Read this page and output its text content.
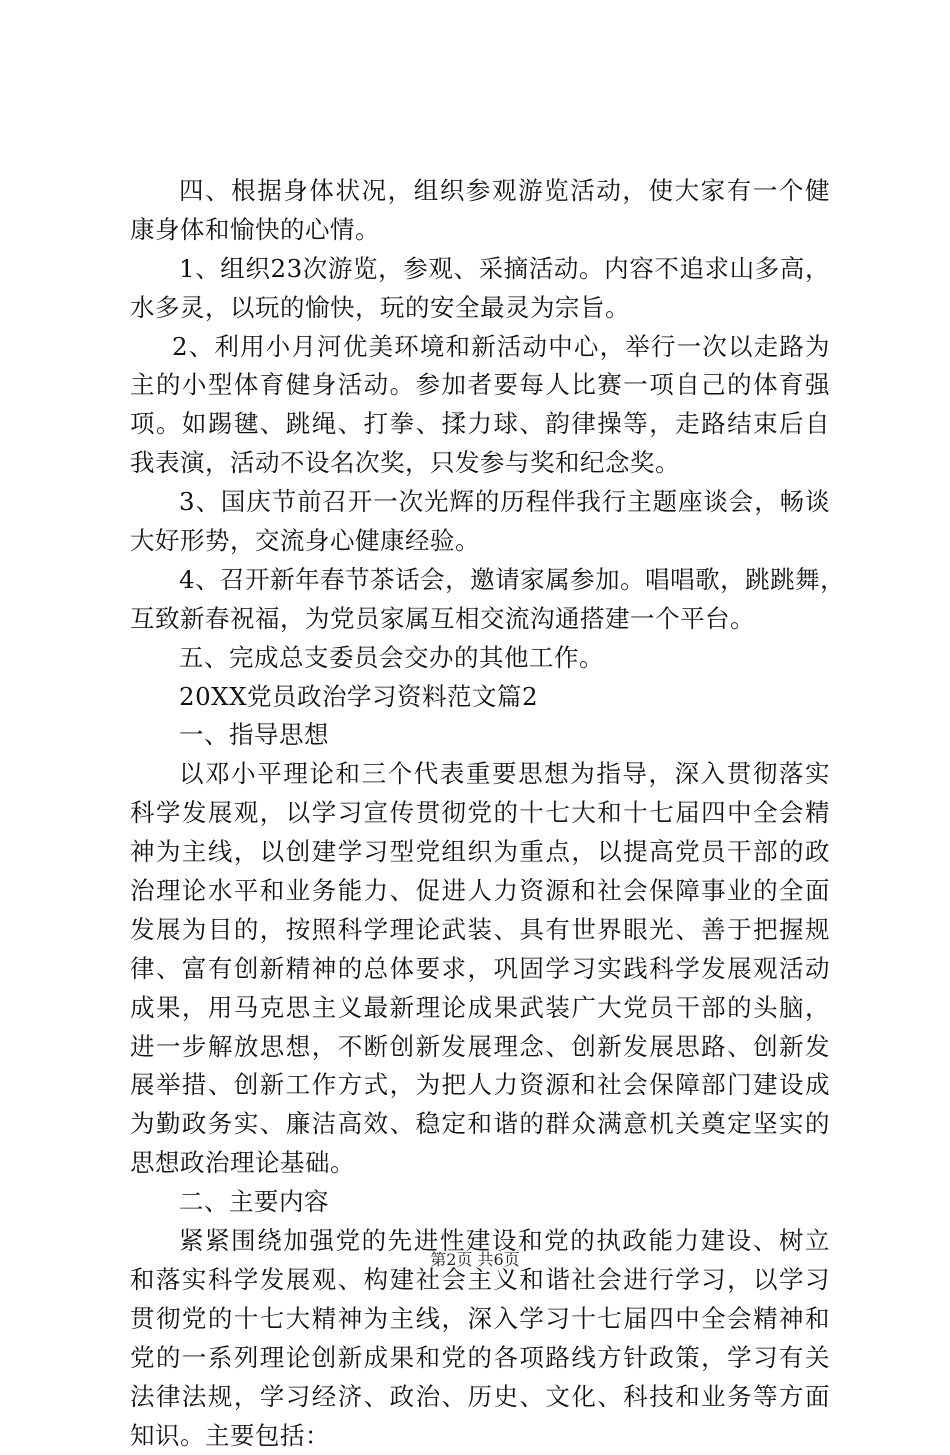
四、根据身体状况，组织参观游览活动，使大家有一个健
康身体和愉快的心情。
1、组织23次游览，参观、采摘活动。内容不追求山多高，
水多灵，以玩的愉快，玩的安全最灵为宗旨。
2、利用小月河优美环境和新活动中心，举行一次以走路为
主的小型体育健身活动。参加者要每人比赛一项自己的体育强
项。如踢毽、跳绳、打拳、揉力球、韵律操等，走路结束后自
我表演，活动不设名次奖，只发参与奖和纪念奖。
3、国庆节前召开一次光辉的历程伴我行主题座谈会，畅谈
大好形势，交流身心健康经验。
4、召开新年春节茶话会，邀请家属参加。唱唱歌，跳跳舞，
互致新春祝福，为党员家属互相交流沟通搭建一个平台。
五、完成总支委员会交办的其他工作。
20XX党员政治学习资料范文篇2
一、指导思想
以邓小平理论和三个代表重要思想为指导，深入贯彻落实
科学发展观，以学习宣传贯彻党的十七大和十七届四中全会精
神为主线，以创建学习型党组织为重点，以提高党员干部的政
治理论水平和业务能力、促进人力资源和社会保障事业的全面
发展为目的，按照科学理论武装、具有世界眼光、善于把握规
律、富有创新精神的总体要求，巩固学习实践科学发展观活动
成果，用马克思主义最新理论成果武装广大党员干部的头脑，
进一步解放思想，不断创新发展理念、创新发展思路、创新发
展举措、创新工作方式，为把人力资源和社会保障部门建设成
为勤政务实、廉洁高效、稳定和谐的群众满意机关奠定坚实的
思想政治理论基础。
二、主要内容
紧紧围绕加强党的先进性建设和党的执政能力建设、树立
和落实科学发展观、构建社会主义和谐社会进行学习，以学习
贯彻党的十七大精神为主线，深入学习十七届四中全会精神和
党的一系列理论创新成果和党的各项路线方针政策，学习有关
法律法规，学习经济、政治、历史、文化、科技和业务等方面
知识。主要包括：
第2页 共6页
